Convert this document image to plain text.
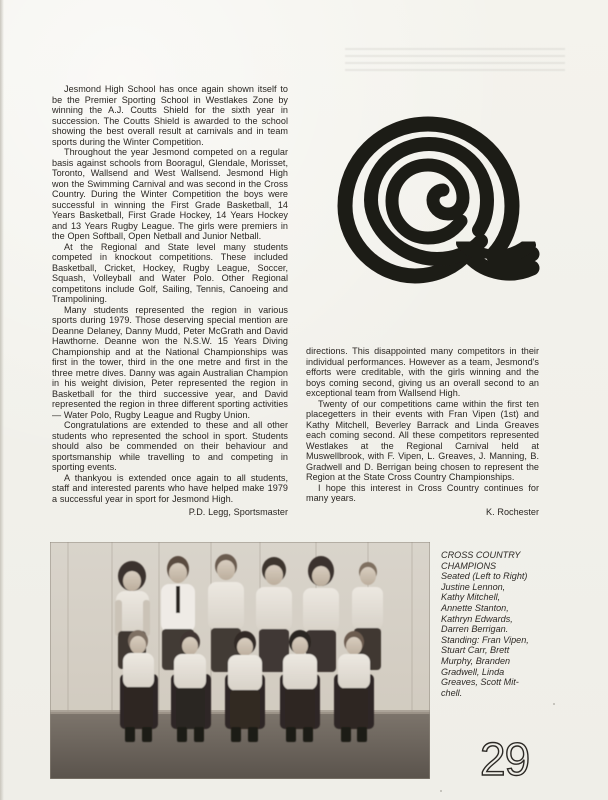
Jesmond High School has once again shown itself to be the Premier Sporting School in Westlakes Zone by winning the A.J. Coutts Shield for the sixth year in succession. The Coutts Shield is awarded to the school showing the best overall result at carnivals and in team sports during the Winter Competition.

Throughout the year Jesmond competed on a regular basis against schools from Booragul, Glendale, Morisset, Toronto, Wallsend and West Wallsend. Jesmond High won the Swimming Carnival and was second in the Cross Country. During the Winter Competition the boys were successful in winning the First Grade Basketball, 14 Years Basketball, First Grade Hockey, 14 Years Hockey and 13 Years Rugby League. The girls were premiers in the Open Softball, Open Netball and Junior Netball.

At the Regional and State level many students competed in knockout competitions. These included Basketball, Cricket, Hockey, Rugby League, Soccer, Squash, Volleyball and Water Polo. Other Regional competitons include Golf, Sailing, Tennis, Canoeing and Trampolining.

Many students represented the region in various sports during 1979. Those deserving special mention are Deanne Delaney, Danny Mudd, Peter McGrath and David Hawthorne. Deanne won the N.S.W. 15 Years Diving Championship and at the National Championships was first in the tower, third in the one metre and first in the three metre dives. Danny was again Australian Champion in his weight division, Peter represented the region in Basketball for the third successive year, and David represented the region in three different sporting activities — Water Polo, Rugby League and Rugby Union.

Congratulations are extended to these and all other students who represented the school in sport. Students should also be commended on their behaviour and sportsmanship while travelling to and competing in sporting events.

A thankyou is extended once again to all students, staff and interested parents who have helped make 1979 a successful year in sport for Jesmond High.

P.D. Legg, Sportsmaster

directions. This disappointed many competitors in their individual performances. However as a team, Jesmond's efforts were creditable, with the girls winning and the boys coming second, giving us an overall second to an exceptional team from Wallsend High.

Twenty of our competitions came within the first ten placegetters in their events with Fran Vipen (1st) and Kathy Mitchell, Beverley Barrack and Linda Greaves each coming second. All these competitors represented Westlakes at the Regional Carnival held at Muswellbrook, with F. Vipen, L. Greaves, J. Manning, B. Gradwell and D. Berrigan being chosen to represent the Region at the State Cross Country Championships.

I hope this interest in Cross Country continues for many years.

K. Rochester

CROSS COUNTRY
CHAMPIONS
Seated (Left to Right)
Justine Lennon,
Kathy Mitchell,
Annette Stanton,
Kathryn Edwards,
Darren Berrigan.
Standing: Fran Vipen,
Stuart Carr, Brett
Murphy, Branden
Gradwell, Linda
Greaves, Scott Mit-
chell.
29
